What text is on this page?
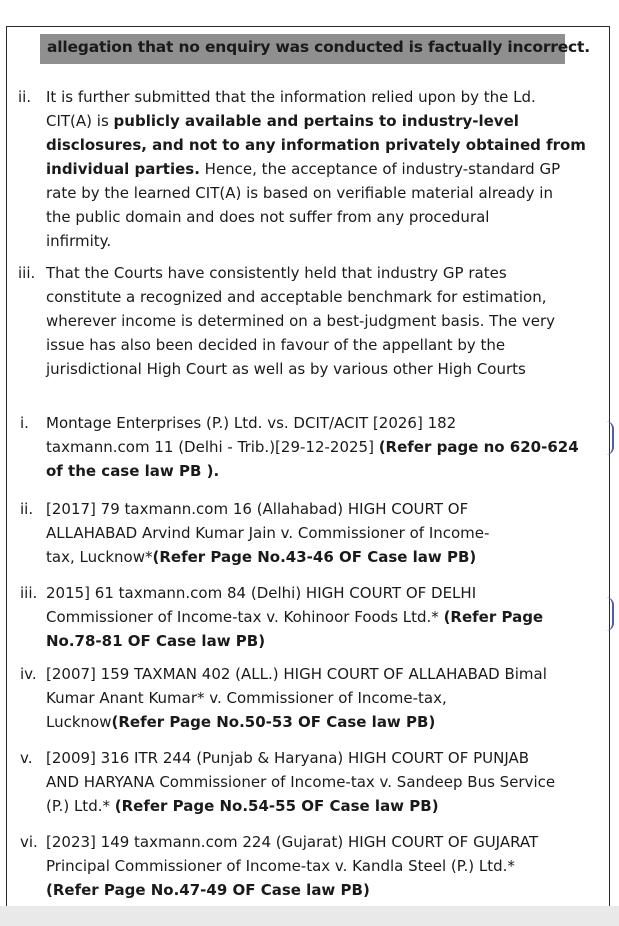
allegation that no enquiry was conducted is factually incorrect.
ii. It is further submitted that the information relied upon by the Ld.
CIT(A) is publicly available and pertains to industry-level
disclosures, and not to any information privately obtained from
individual parties. Hence, the acceptance of industry-standard GP
rate by the learned CIT(A) is based on verifiable material already in
the public domain and does not suffer from any procedural
infirmity.
iii. That the Courts have consistently held that industry GP rates
constitute a recognized and acceptable benchmark for estimation,
wherever income is determined on a best-judgment basis. The very
issue has also been decided in favour of the appellant by the
jurisdictional High Court as well as by various other High Courts
i. Montage Enterprises (P.) Ltd. vs. DCIT/ACIT [2026] 182
taxmann.com 11 (Delhi - Trib.)[29-12-2025] (Refer page no 620-624
of the case law PB ).
ii. [2017] 79 taxmann.com 16 (Allahabad) HIGH COURT OF
ALLAHABAD Arvind Kumar Jain v. Commissioner of Income-
tax, Lucknow*(Refer Page No.43-46 OF Case law PB)
iii. 2015] 61 taxmann.com 84 (Delhi) HIGH COURT OF DELHI
Commissioner of Income-tax v. Kohinoor Foods Ltd.* (Refer Page
No.78-81 OF Case law PB)
iv. [2007] 159 TAXMAN 402 (ALL.) HIGH COURT OF ALLAHABAD Bimal
Kumar Anant Kumar* v. Commissioner of Income-tax,
Lucknow(Refer Page No.50-53 OF Case law PB)
v. [2009] 316 ITR 244 (Punjab & Haryana) HIGH COURT OF PUNJAB
AND HARYANA Commissioner of Income-tax v. Sandeep Bus Service
(P.) Ltd.* (Refer Page No.54-55 OF Case law PB)
vi. [2023] 149 taxmann.com 224 (Gujarat) HIGH COURT OF GUJARAT
Principal Commissioner of Income-tax v. Kandla Steel (P.) Ltd.*
(Refer Page No.47-49 OF Case law PB)
